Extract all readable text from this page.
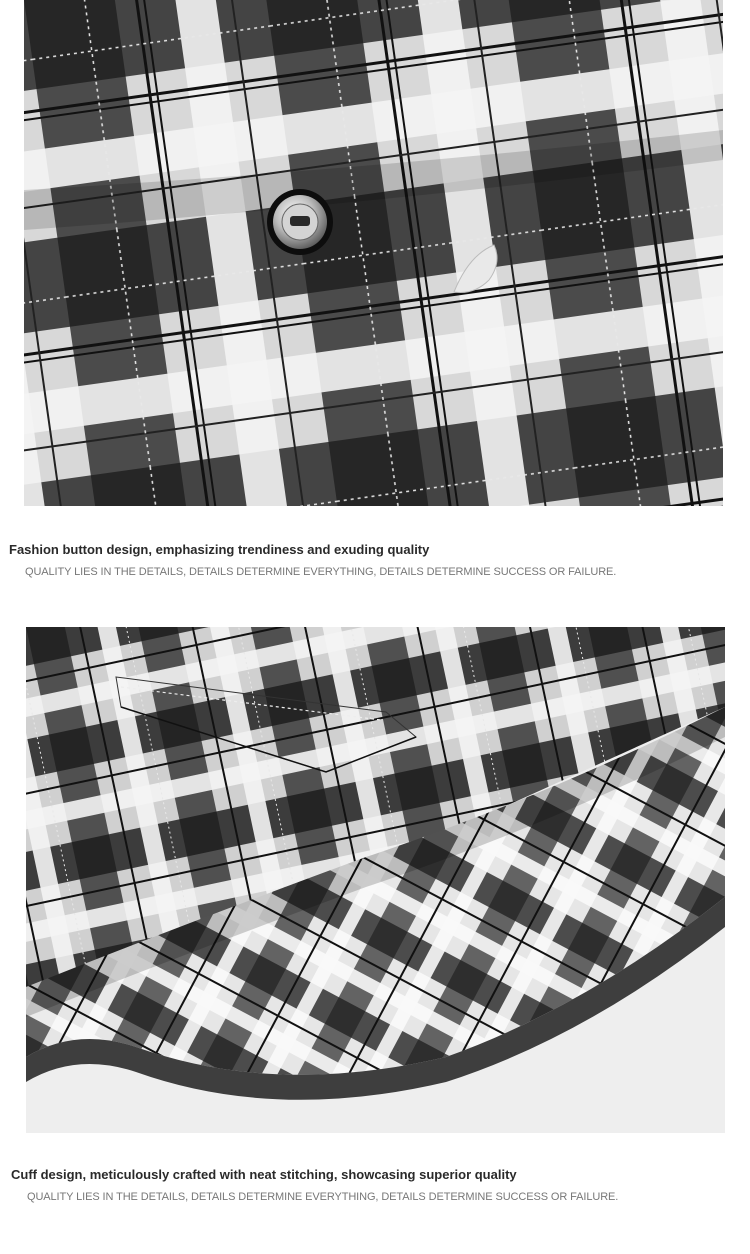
Fashion button design, emphasizing trendiness and exuding quality

QUALITY LIES IN THE DETAILS, DETAILS DETERMINE EVERYTHING, DETAILS DETERMINE SUCCESS OR FAILURE.

Cuff design, meticulously crafted with neat stitching, showcasing superior quality

QUALITY LIES IN THE DETAILS, DETAILS DETERMINE EVERYTHING, DETAILS DETERMINE SUCCESS OR FAILURE.
